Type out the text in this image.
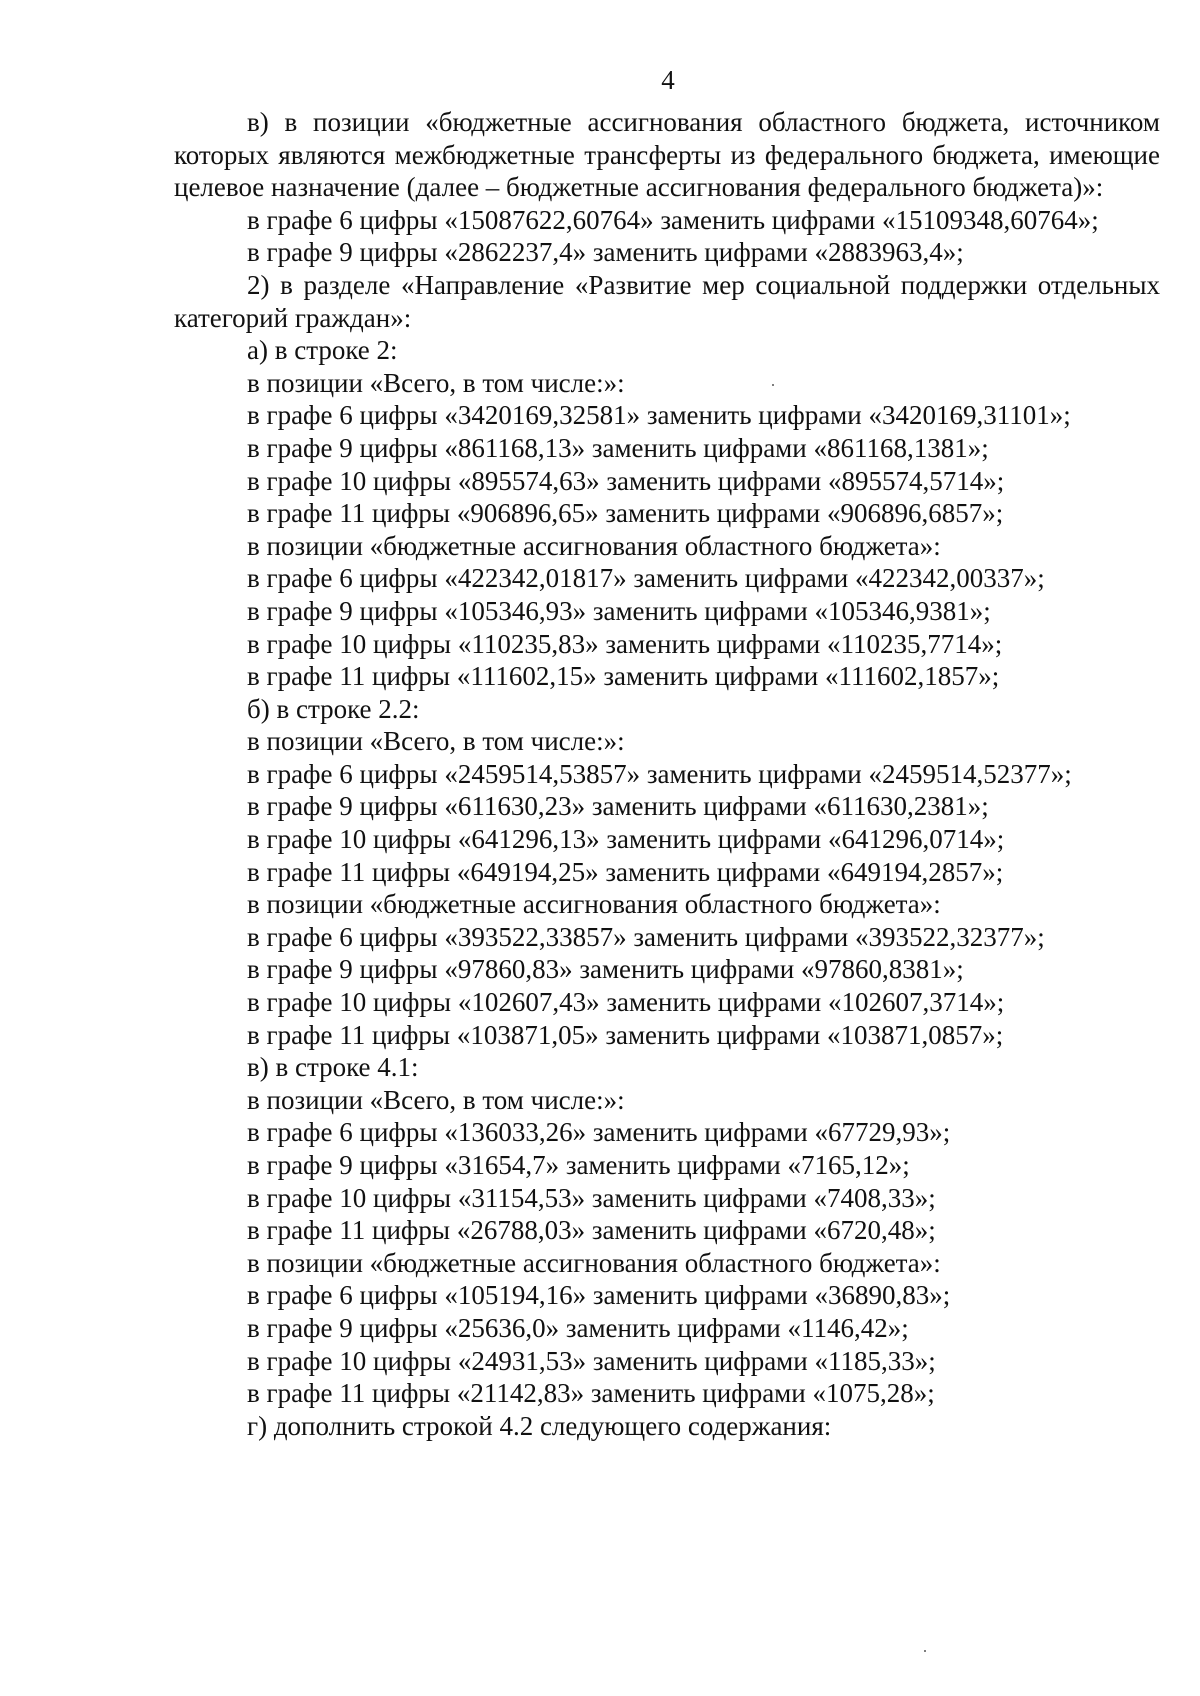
4

в) в позиции «бюджетные ассигнования областного бюджета, источником которых являются межбюджетные трансферты из федерального бюджета, имеющие целевое назначение (далее – бюджетные ассигнования федерального бюджета)»:

в графе 6 цифры «15087622,60764» заменить цифрами «15109348,60764»;

в графе 9 цифры «2862237,4» заменить цифрами «2883963,4»;

2) в разделе «Направление «Развитие мер социальной поддержки отдельных категорий граждан»:

а) в строке 2:

в позиции «Всего, в том числе:»:

в графе 6 цифры «3420169,32581» заменить цифрами «3420169,31101»;

в графе 9 цифры «861168,13» заменить цифрами «861168,1381»;

в графе 10 цифры «895574,63» заменить цифрами «895574,5714»;

в графе 11 цифры «906896,65» заменить цифрами «906896,6857»;

в позиции «бюджетные ассигнования областного бюджета»:

в графе 6 цифры «422342,01817» заменить цифрами «422342,00337»;

в графе 9 цифры «105346,93» заменить цифрами «105346,9381»;

в графе 10 цифры «110235,83» заменить цифрами «110235,7714»;

в графе 11 цифры «111602,15» заменить цифрами «111602,1857»;

б) в строке 2.2:

в позиции «Всего, в том числе:»:

в графе 6 цифры «2459514,53857» заменить цифрами «2459514,52377»;

в графе 9 цифры «611630,23» заменить цифрами «611630,2381»;

в графе 10 цифры «641296,13» заменить цифрами «641296,0714»;

в графе 11 цифры «649194,25» заменить цифрами «649194,2857»;

в позиции «бюджетные ассигнования областного бюджета»:

в графе 6 цифры «393522,33857» заменить цифрами «393522,32377»;

в графе 9 цифры «97860,83» заменить цифрами «97860,8381»;

в графе 10 цифры «102607,43» заменить цифрами «102607,3714»;

в графе 11 цифры «103871,05» заменить цифрами «103871,0857»;

в) в строке 4.1:

в позиции «Всего, в том числе:»:

в графе 6 цифры «136033,26» заменить цифрами «67729,93»;

в графе 9 цифры «31654,7» заменить цифрами «7165,12»;

в графе 10 цифры «31154,53» заменить цифрами «7408,33»;

в графе 11 цифры «26788,03» заменить цифрами «6720,48»;

в позиции «бюджетные ассигнования областного бюджета»:

в графе 6 цифры «105194,16» заменить цифрами «36890,83»;

в графе 9 цифры «25636,0» заменить цифрами «1146,42»;

в графе 10 цифры «24931,53» заменить цифрами «1185,33»;

в графе 11 цифры «21142,83» заменить цифрами «1075,28»;

г) дополнить строкой 4.2 следующего содержания:
